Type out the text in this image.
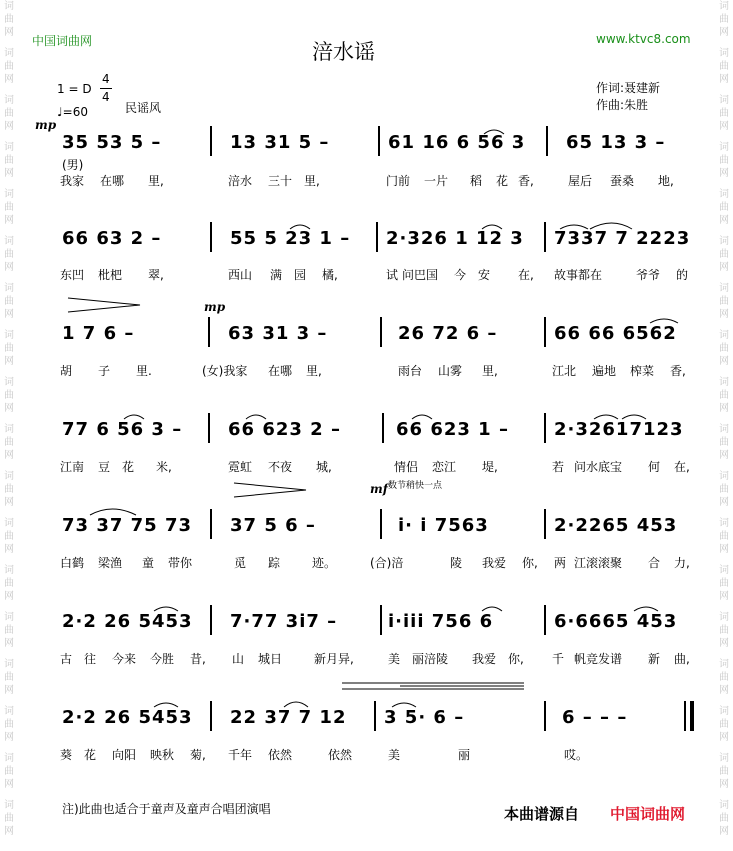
词曲网
词曲网
词曲网
词曲网
词曲网
词曲网
词曲网
词曲网
词曲网
词曲网
词曲网
词曲网
词曲网
词曲网
词曲网
词曲网
词曲网
词曲网
词曲网
词曲网
词曲网
词曲网
词曲网
词曲网
词曲网
词曲网
词曲网
词曲网
词曲网
词曲网
词曲网
词曲网
词曲网
词曲网
词曲网
词曲网
中国词曲网	www.ktvc8.com
涪水谣
1 = D
4
4
♩=60	民谣风
作词:聂建新
作曲:朱胜
mp
(男)
35 53 5 –	13 31 5 –	61 16 6 56 3 65 13 3 –
我家 在哪 里,	涪水 三十 里,	门前 一片 稻 花 香,	屋后 蚕桑 地,
66 63 2 –	55 5 23 1 – 2·326 1 12 3 7337 7 2223
东凹 枇杷 翠,	西山 满 园 橘,	试 问巴国 今 安 在, 故事都在	爷爷 的
mp
1 7 6 –	63 31 3 –	26 72 6 –	66 66 6562
胡 子 里.	(女)我家 在哪 里,	雨台 山雾 里,	江北 遍地 榨菜 香,
77 6 56 3 –	66 623 2 –	66 623 1 –	2·32617123
江南 豆 花 米,	霓虹 不夜 城,	情侣 恋江 堤,	若 问水底宝 何 在,
mf 数节稍快一点
73 37 75 73 37 5 6 –	i· i 7563	2·2265 453
白鹤 梁渔 童 带你	觅 踪	迹。	(合)涪	陵 我爱 你, 两 江滚滚聚 合 力,
2·2 26 5453 7·77 3i7 –	i·iii 756 6	6·6665 453
古 往 今来 今胜 昔, 山 城日	新月异,	美 丽涪陵 我爱 你, 千 帆竞发谱 新 曲,
2·2 26 5453 22 37 7 12 3 5· 6 –	6 – – –
葵 花 向阳 映秋 菊, 千年 依然	依然	美	丽	哎。
注)此曲也适合于童声及童声合唱团演唱	本曲谱源自 中国词曲网
